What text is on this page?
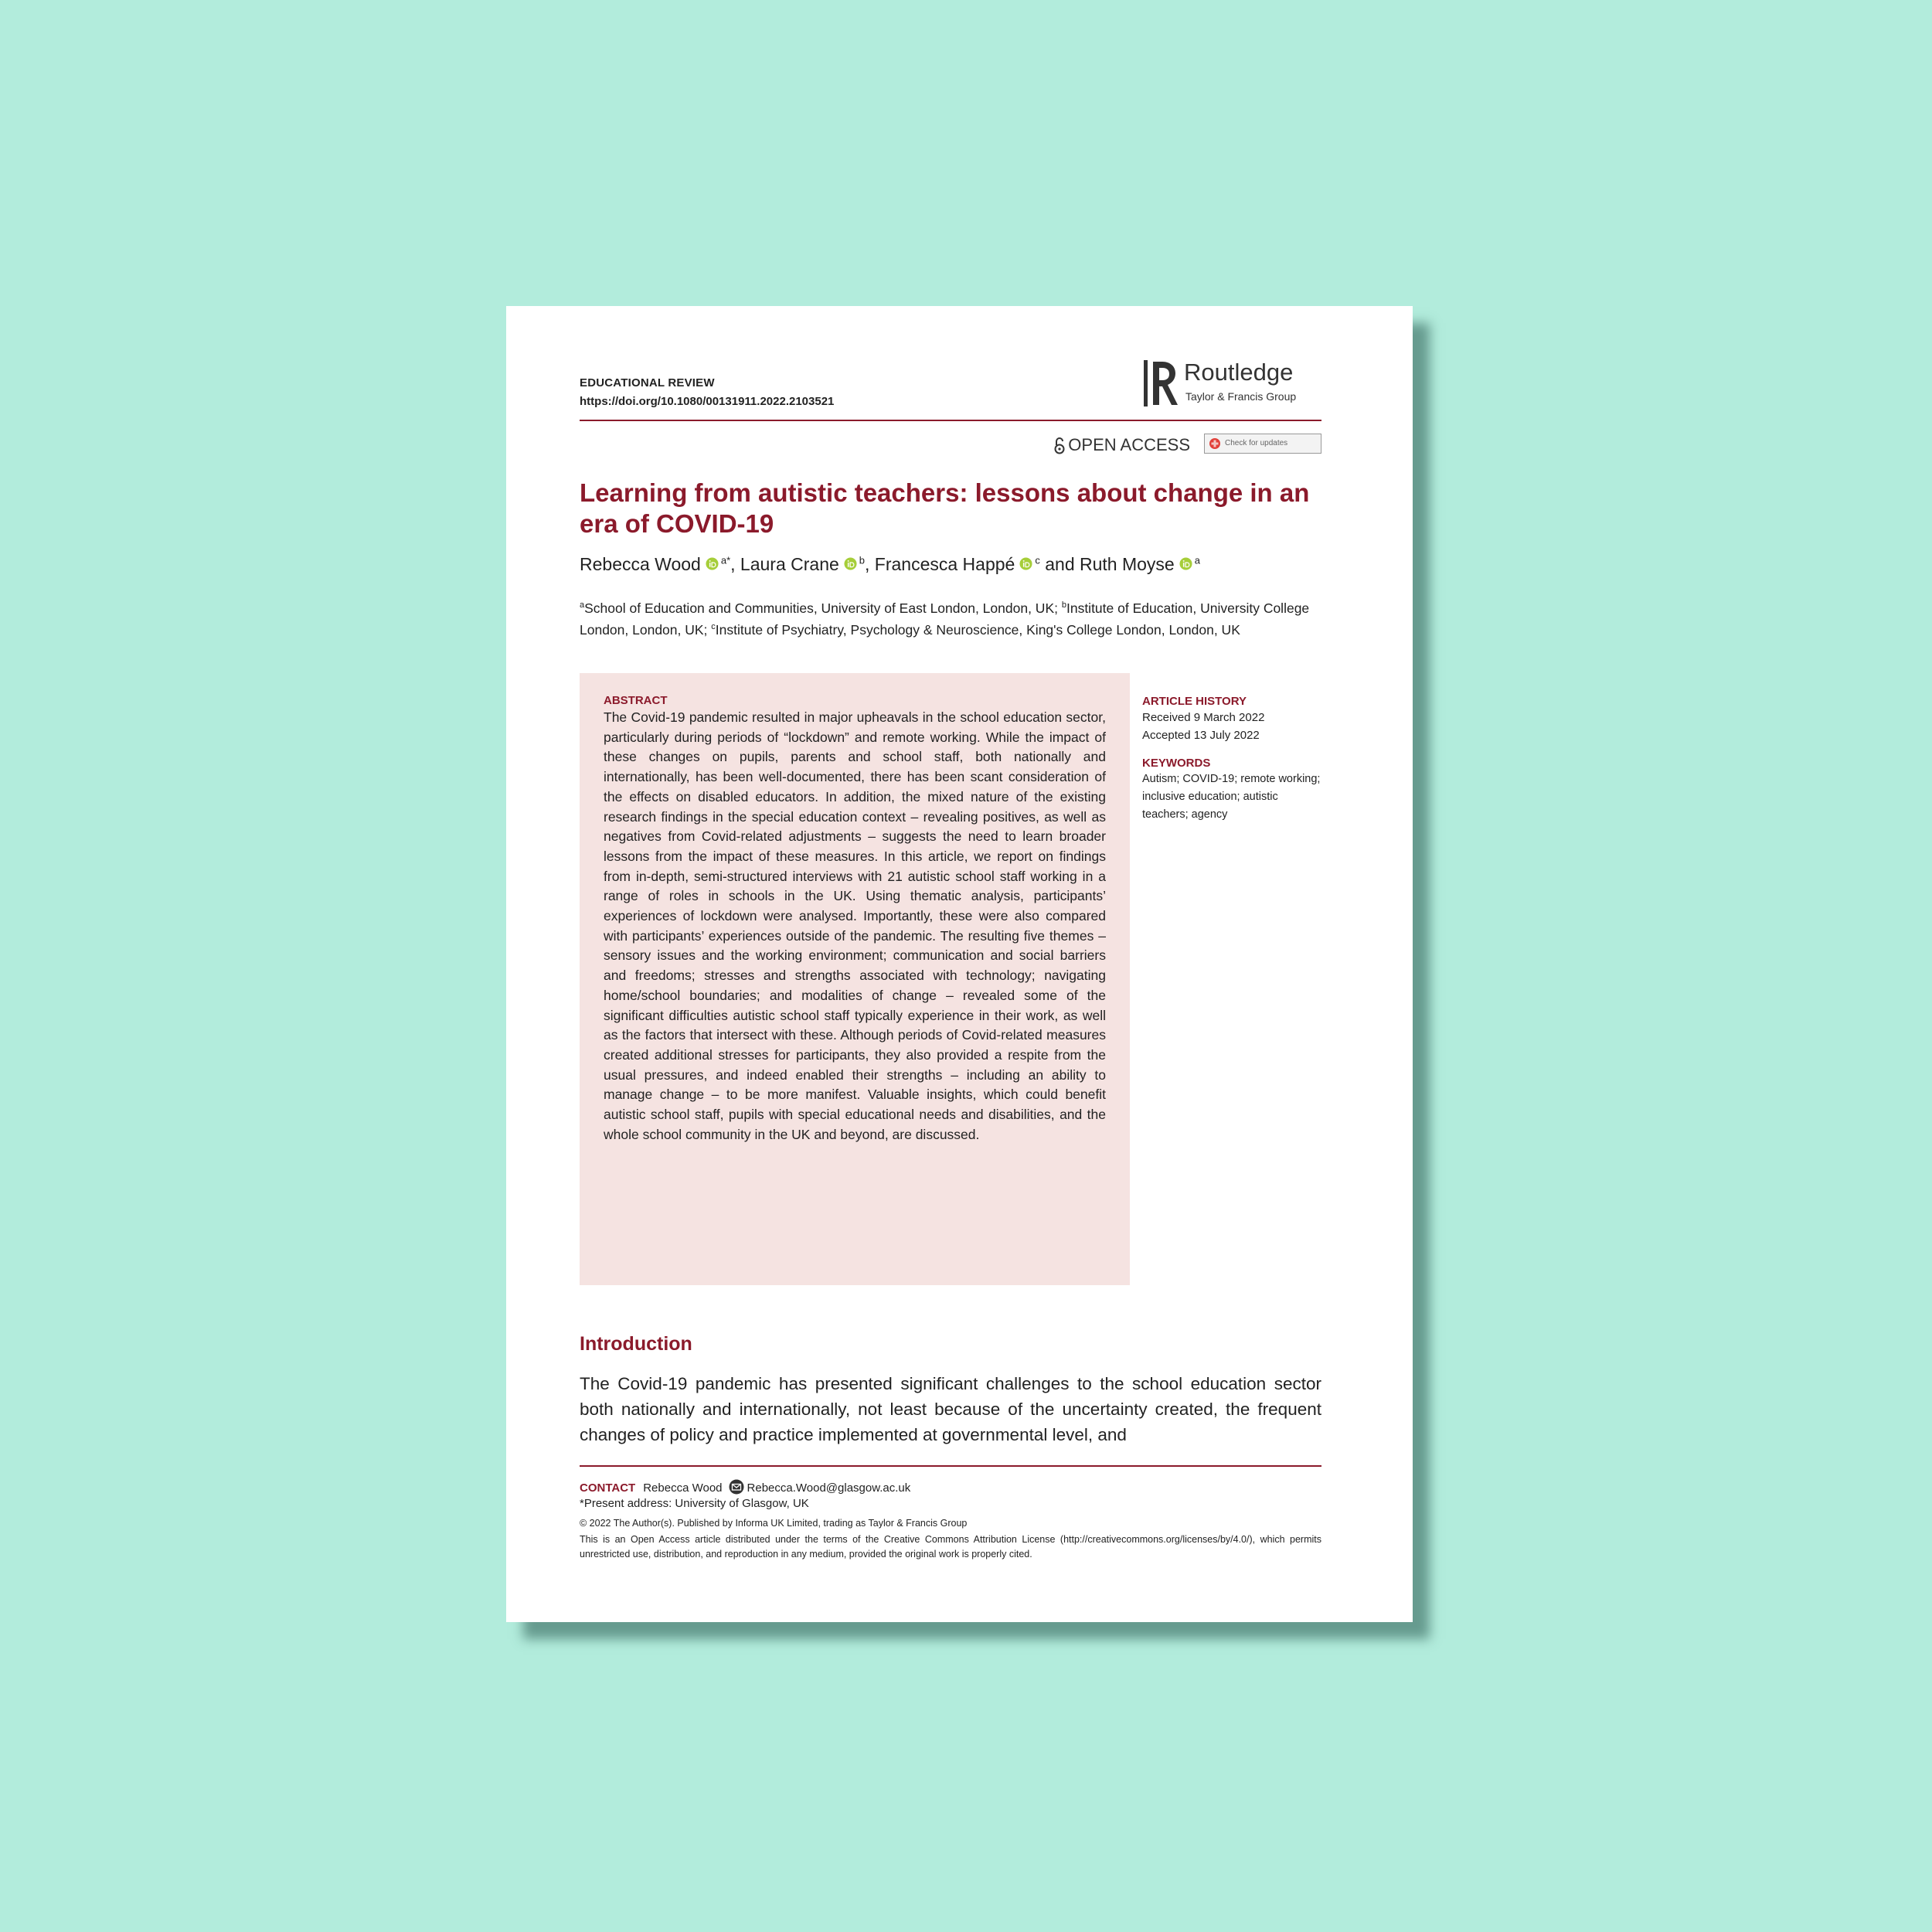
EDUCATIONAL REVIEW
https://doi.org/10.1080/00131911.2022.2103521
Routledge
Taylor & Francis Group
OPEN ACCESS	Check for updates
Learning from autistic teachers: lessons about change in an era of COVID-19
Rebecca Wood $^{a*}$, Laura Crane $^b$, Francesca Happé $^c$ and Ruth Moyse $^a$
$^a$School of Education and Communities, University of East London, London, UK; $^b$Institute of Education, University College London, London, UK; $^c$Institute of Psychiatry, Psychology & Neuroscience, King's College London, London, UK
ABSTRACT

The Covid-19 pandemic resulted in major upheavals in the school education sector, particularly during periods of “lockdown” and remote working. While the impact of these changes on pupils, parents and school staff, both nationally and internationally, has been well-documented, there has been scant consideration of the effects on disabled educators. In addition, the mixed nature of the existing research findings in the special education context – revealing positives, as well as negatives from Covid-related adjustments – suggests the need to learn broader lessons from the impact of these measures. In this article, we report on findings from in-depth, semi-structured interviews with 21 autistic school staff working in a range of roles in schools in the UK. Using thematic analysis, participants’ experiences of lockdown were analysed. Importantly, these were also compared with participants’ experiences outside of the pandemic. The resulting five themes – sensory issues and the working environment; communication and social barriers and freedoms; stresses and strengths associated with technology; navigating home/school boundaries; and modalities of change – revealed some of the significant difficulties autistic school staff typically experience in their work, as well as the factors that intersect with these. Although periods of Covid-related measures created additional stresses for participants, they also provided a respite from the usual pressures, and indeed enabled their strengths – including an ability to manage change – to be more manifest. Valuable insights, which could benefit autistic school staff, pupils with special educational needs and disabilities, and the whole school community in the UK and beyond, are discussed.

ARTICLE HISTORY
Received 9 March 2022
Accepted 13 July 2022
KEYWORDS
Autism; COVID-19; remote working; inclusive education; autistic teachers; agency
Introduction

The Covid-19 pandemic has presented significant challenges to the school education sector both nationally and internationally, not least because of the uncertainty created, the frequent changes of policy and practice implemented at governmental level, and

CONTACT Rebecca Wood Rebecca.Wood@glasgow.ac.uk
*Present address: University of Glasgow, UK
© 2022 The Author(s). Published by Informa UK Limited, trading as Taylor & Francis Group

This is an Open Access article distributed under the terms of the Creative Commons Attribution License (http://creativecommons.org/licenses/by/4.0/), which permits unrestricted use, distribution, and reproduction in any medium, provided the original work is properly cited.
